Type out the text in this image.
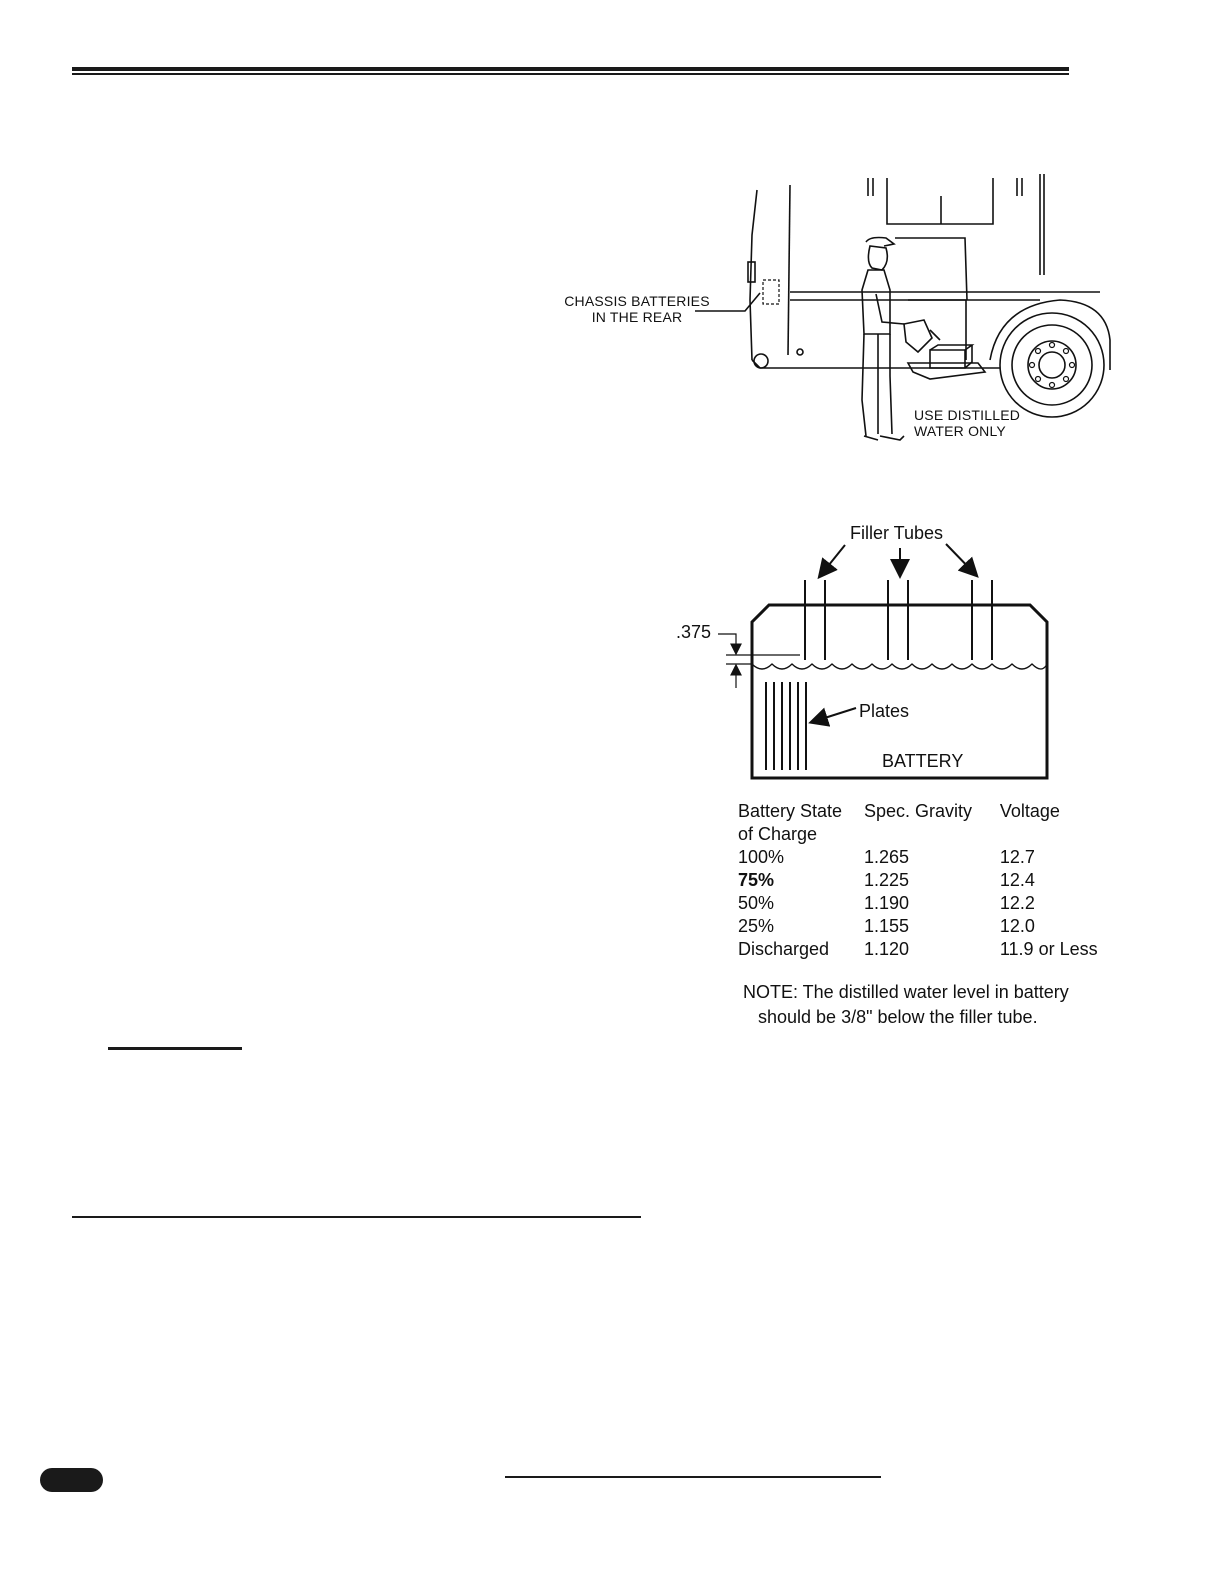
CHASSIS BATTERIES
IN THE REAR
USE DISTILLED
WATER ONLY
Filler Tubes
.375
Plates
BATTERY
Battery State	Spec. Gravity	Voltage
of Charge
100%	1.265	12.7
75%	1.225	12.4
50%	1.190	12.2
25%	1.155	12.0
Discharged	1.120	11.9 or Less
NOTE: The distilled water level in battery
should be 3/8" below the filler tube.
